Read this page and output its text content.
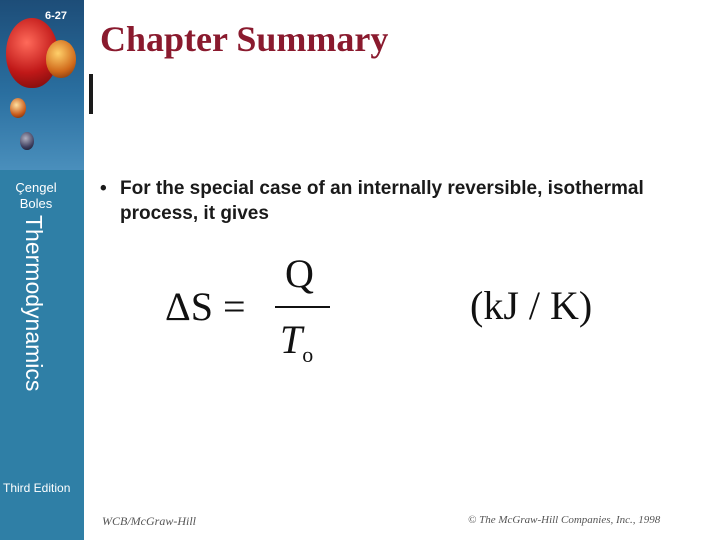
6-27
Çengel
Boles
Thermodynamics
Third Edition
Chapter Summary
• For the special case of an internally reversible, isothermal process, it gives
ΔS =
Q
$T_o$
(kJ / K)
WCB/McGraw-Hill	© The McGraw-Hill Companies, Inc., 1998
